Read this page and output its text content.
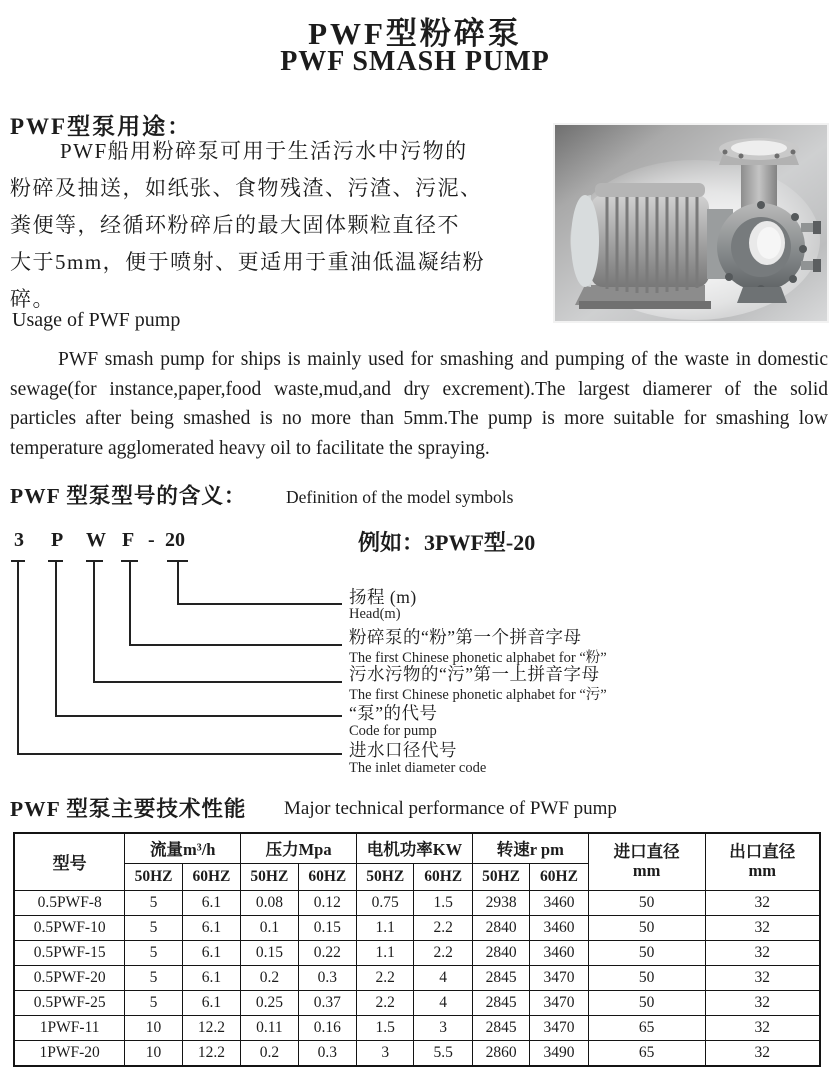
PWF型粉碎泵
PWF SMASH PUMP
PWF型泵用途：
PWF船用粉碎泵可用于生活污水中污物的
粉碎及抽送，如纸张、食物残渣、污渣、污泥、
粪便等，经循环粉碎后的最大固体颗粒直径不
大于5mm，便于喷射、更适用于重油低温凝结粉
碎。
Usage of PWF pump
PWF smash pump for ships is mainly used for smashing and pumping of the waste in domestic
sewage(for instance,paper,food waste,mud,and dry excrement).The largest diamerer of the solid
particles after being smashed is no more than 5mm.The pump is more suitable for smashing low
temperature agglomerated heavy oil to facilitate the spraying.
PWF 型泵型号的含义： Definition of the model symbols
3 P W F - 20	例如：3PWF型-20
扬程 (m)
Head(m)
粉碎泵的“粉”第一个拼音字母
The first Chinese phonetic alphabet for “粉”
污水污物的“污”第一上拼音字母
The first Chinese phonetic alphabet for “污”
“泵”的代号
Code for pump
进水口径代号
The inlet diameter code
PWF 型泵主要技术性能 Major technical performance of PWF pump
型号	流量m³/h		压力Mpa		电机功率KW		转速r pm		进口直径
mm	出口直径
mm

	50HZ	60HZ	50HZ	60HZ	50HZ	60HZ	50HZ	60HZ		
0.5PWF-8	5	6.1	0.08	0.12	0.75	1.5	2938	3460	50	32
0.5PWF-10	5	6.1	0.1	0.15	1.1	2.2	2840	3460	50	32
0.5PWF-15	5	6.1	0.15	0.22	1.1	2.2	2840	3460	50	32
0.5PWF-20	5	6.1	0.2	0.3	2.2	4	2845	3470	50	32
0.5PWF-25	5	6.1	0.25	0.37	2.2	4	2845	3470	50	32
1PWF-11	10	12.2	0.11	0.16	1.5	3	2845	3470	65	32
1PWF-20	10	12.2	0.2	0.3	3	5.5	2860	3490	65	32
